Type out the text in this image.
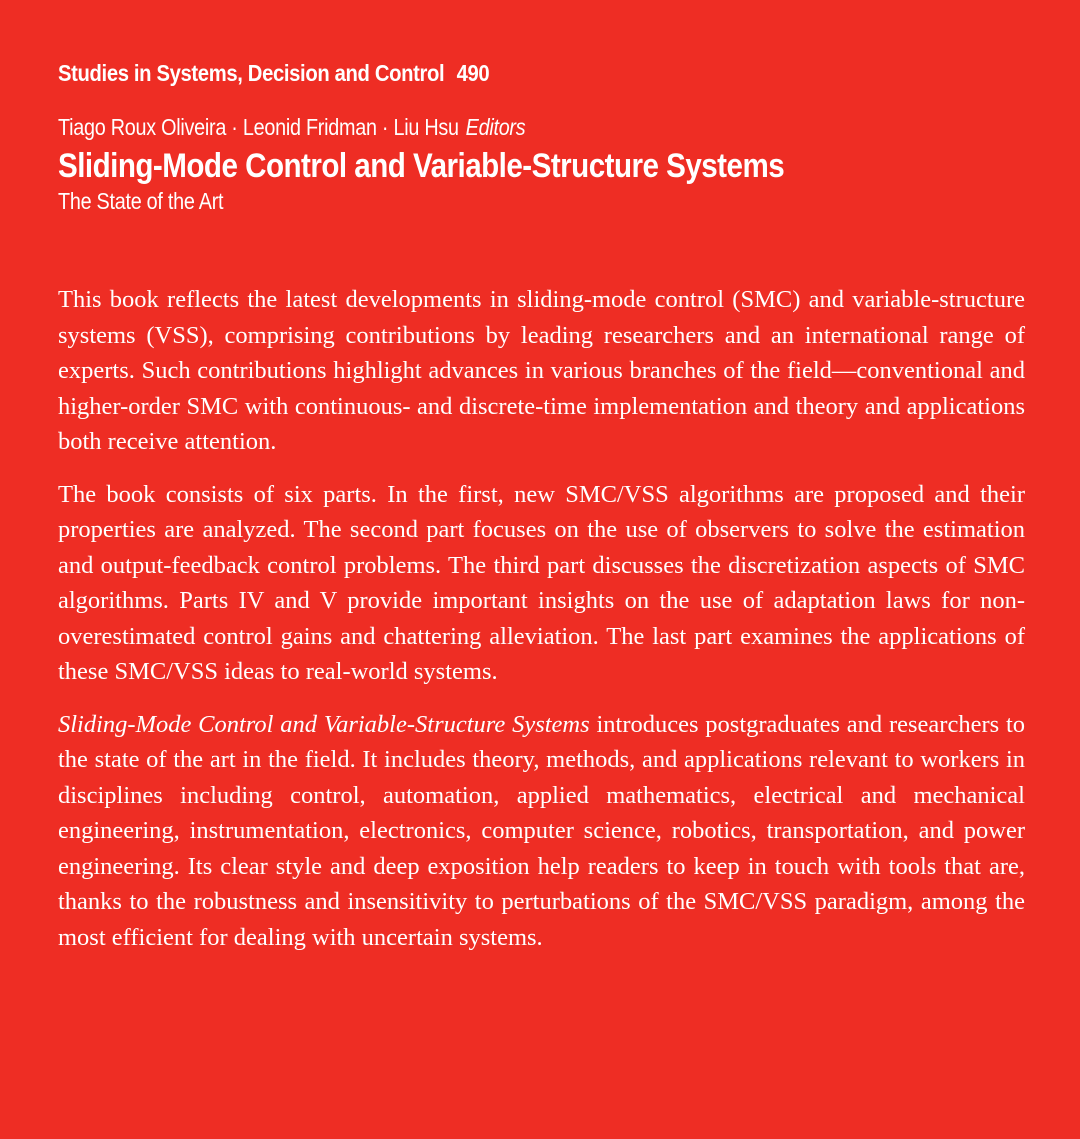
Studies in Systems, Decision and Control 490
Tiago Roux Oliveira · Leonid Fridman · Liu Hsu Editors
Sliding-Mode Control and Variable-Structure Systems
The State of the Art

This book reflects the latest developments in sliding-mode control (SMC) and variable-structure systems (VSS), comprising contributions by leading researchers and an international range of experts. Such contributions highlight advances in various branches of the field—conventional and higher-order SMC with continuous- and discrete-time implementation and theory and applications both receive attention.

The book consists of six parts. In the first, new SMC/VSS algorithms are proposed and their properties are analyzed. The second part focuses on the use of observers to solve the estimation and output-feedback control problems. The third part discusses the discretization aspects of SMC algorithms. Parts IV and V provide important insights on the use of adaptation laws for non-overestimated control gains and chattering alleviation. The last part examines the applications of these SMC/VSS ideas to real-world systems.

Sliding-Mode Control and Variable-Structure Systems introduces postgraduates and researchers to the state of the art in the field. It includes theory, methods, and applications relevant to workers in disciplines including control, automation, applied mathematics, electrical and mechanical engineering, instrumentation, electronics, computer science, robotics, transportation, and power engineering. Its clear style and deep exposition help readers to keep in touch with tools that are, thanks to the robustness and insensitivity to perturbations of the SMC/VSS paradigm, among the most efficient for dealing with uncertain systems.
